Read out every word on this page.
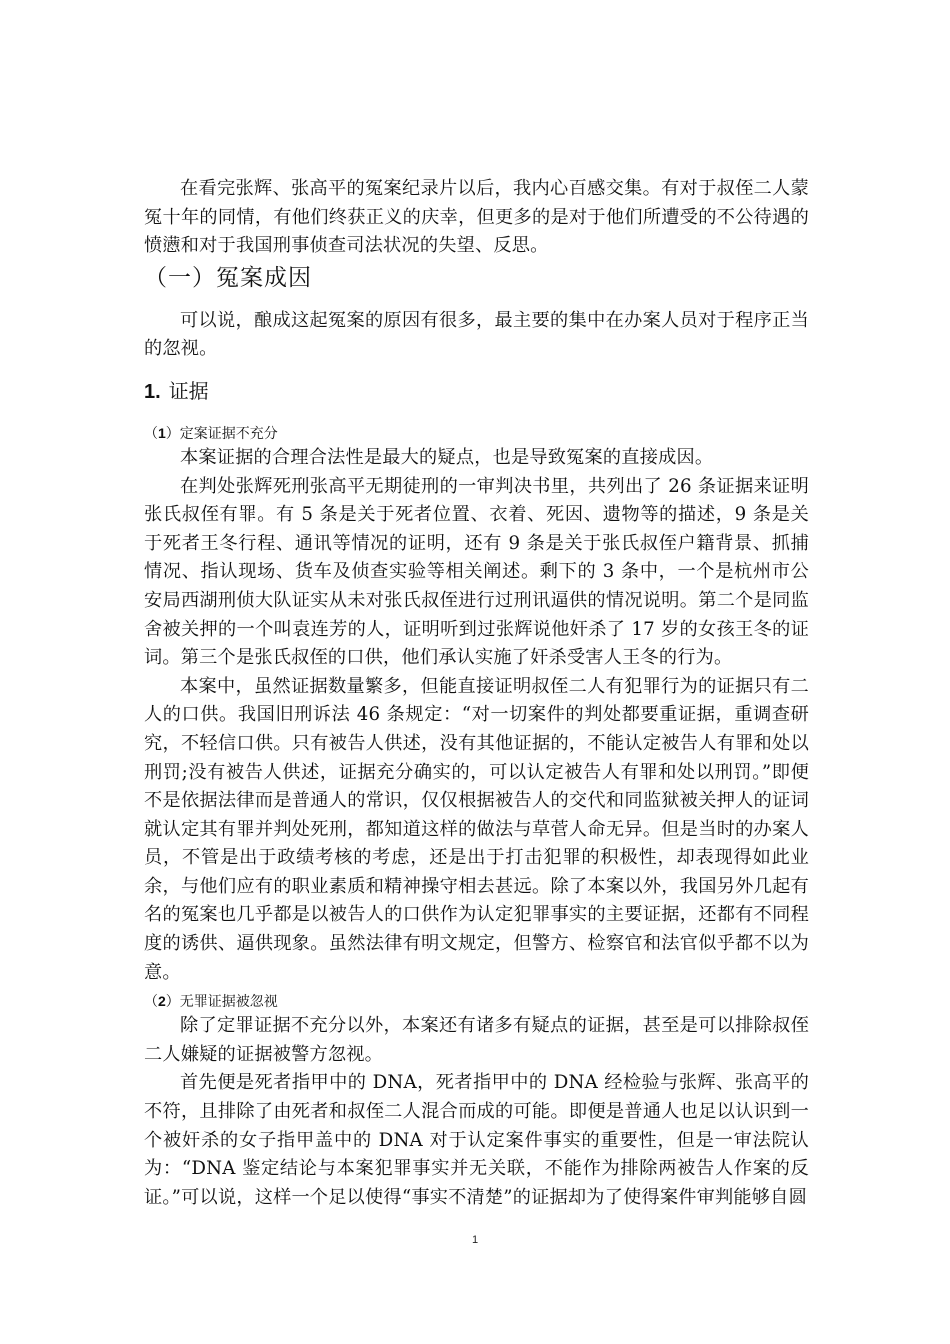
在看完张辉、张高平的冤案纪录片以后，我内心百感交集。有对于叔侄二人蒙冤十年的同情，有他们终获正义的庆幸，但更多的是对于他们所遭受的不公待遇的愤懑和对于我国刑事侦查司法状况的失望、反思。

（一）冤案成因

可以说，酿成这起冤案的原因有很多，最主要的集中在办案人员对于程序正当的忽视。

1. 证据
（1）定案证据不充分

本案证据的合理合法性是最大的疑点，也是导致冤案的直接成因。

在判处张辉死刑张高平无期徒刑的一审判决书里，共列出了 26 条证据来证明张氏叔侄有罪。有 5 条是关于死者位置、衣着、死因、遗物等的描述，9 条是关于死者王冬行程、通讯等情况的证明，还有 9 条是关于张氏叔侄户籍背景、抓捕情况、指认现场、货车及侦查实验等相关阐述。剩下的 3 条中，一个是杭州市公安局西湖刑侦大队证实从未对张氏叔侄进行过刑讯逼供的情况说明。第二个是同监舍被关押的一个叫袁连芳的人，证明听到过张辉说他奸杀了 17 岁的女孩王冬的证词。第三个是张氏叔侄的口供，他们承认实施了奸杀受害人王冬的行为。

本案中，虽然证据数量繁多，但能直接证明叔侄二人有犯罪行为的证据只有二人的口供。我国旧刑诉法 46 条规定：“对一切案件的判处都要重证据，重调查研究，不轻信口供。只有被告人供述，没有其他证据的，不能认定被告人有罪和处以刑罚;没有被告人供述，证据充分确实的，可以认定被告人有罪和处以刑罚。”即便不是依据法律而是普通人的常识，仅仅根据被告人的交代和同监狱被关押人的证词就认定其有罪并判处死刑，都知道这样的做法与草菅人命无异。但是当时的办案人员，不管是出于政绩考核的考虑，还是出于打击犯罪的积极性，却表现得如此业余，与他们应有的职业素质和精神操守相去甚远。除了本案以外，我国另外几起有名的冤案也几乎都是以被告人的口供作为认定犯罪事实的主要证据，还都有不同程度的诱供、逼供现象。虽然法律有明文规定，但警方、检察官和法官似乎都不以为意。

（2）无罪证据被忽视

除了定罪证据不充分以外，本案还有诸多有疑点的证据，甚至是可以排除叔侄二人嫌疑的证据被警方忽视。

首先便是死者指甲中的 DNA，死者指甲中的 DNA 经检验与张辉、张高平的不符，且排除了由死者和叔侄二人混合而成的可能。即便是普通人也足以认识到一个被奸杀的女子指甲盖中的 DNA 对于认定案件事实的重要性，但是一审法院认为：“DNA 鉴定结论与本案犯罪事实并无关联，不能作为排除两被告人作案的反证。”可以说，这样一个足以使得“事实不清楚”的证据却为了使得案件审判能够自圆

1
